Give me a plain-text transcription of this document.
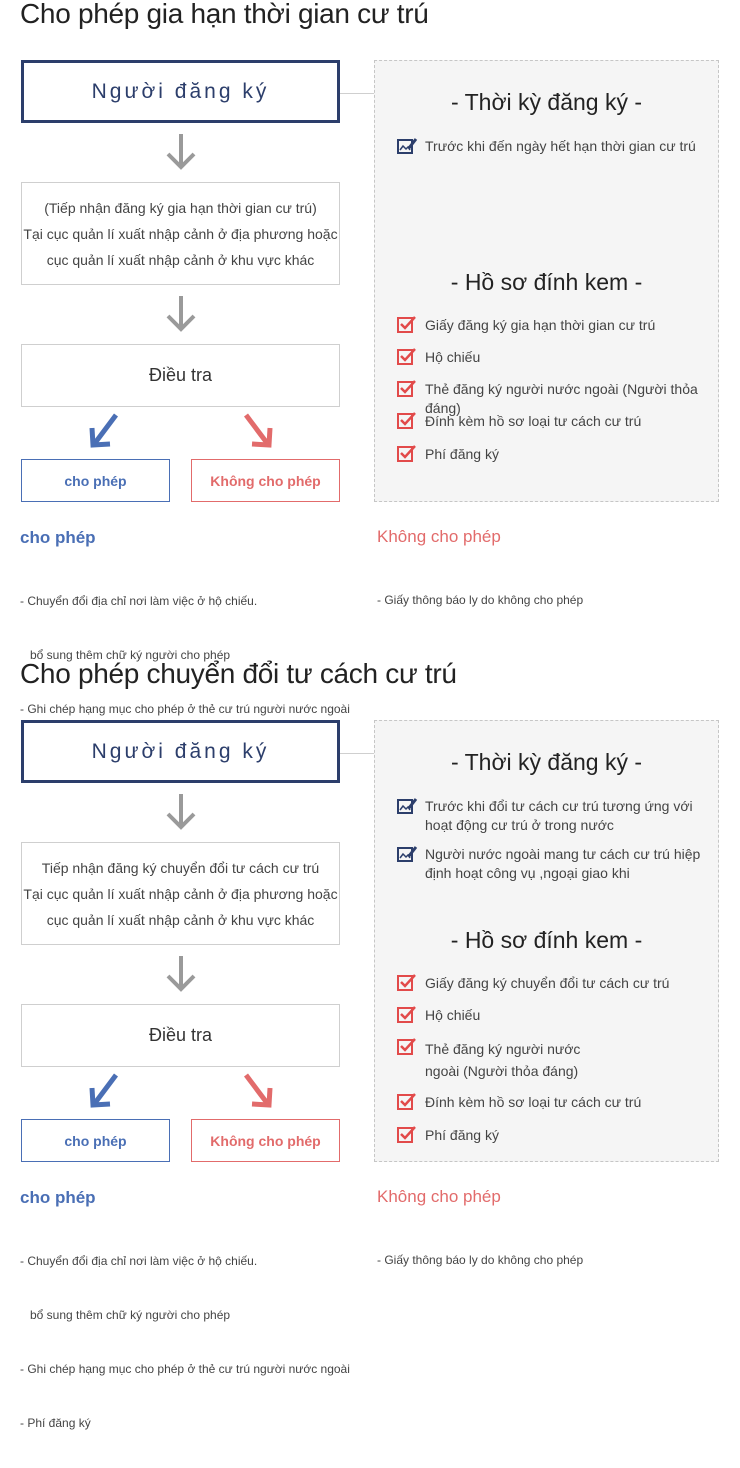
Cho phép gia hạn thời gian cư trú
Người đăng ký
(Tiếp nhận đăng ký gia hạn thời gian cư trú)
Tại cục quản lí xuất nhập cảnh ở địa phương hoặc
cục quản lí xuất nhập cảnh ở khu vực khác
Điều tra
cho phép	Không cho phép
- Thời kỳ đăng ký -
Trước khi đến ngày hết hạn thời gian cư trú
- Hồ sơ đính kem -
Giấy đăng ký gia hạn thời gian cư trú
Hộ chiếu
Thẻ đăng ký người nước ngoài (Người thỏa đáng)
Đính kèm hồ sơ loại tư cách cư trú
Phí đăng ký
cho phép

- Chuyển đổi địa chỉ nơi làm việc ở hộ chiếu.

bổ sung thêm chữ ký người cho phép

- Ghi chép hạng mục cho phép ở thẻ cư trú người nước ngoài

Không cho phép

- Giấy thông báo ly do không cho phép

Cho phép chuyển đổi tư cách cư trú
Người đăng ký
Tiếp nhận đăng ký chuyển đổi tư cách cư trú
Tại cục quản lí xuất nhập cảnh ở địa phương hoặc
cục quản lí xuất nhập cảnh ở khu vực khác
Điều tra
cho phép	Không cho phép
- Thời kỳ đăng ký -
Trước khi đổi tư cách cư trú tương ứng với hoạt động cư trú ở trong nước
Người nước ngoài mang tư cách cư trú hiệp định hoạt công vụ ,ngoại giao khi
- Hồ sơ đính kem -
Giấy đăng ký chuyển đổi tư cách cư trú
Hộ chiếu
Thẻ đăng ký người nước ngoài (Người thỏa đáng)
Đính kèm hồ sơ loại tư cách cư trú
Phí đăng ký
cho phép

- Chuyển đổi địa chỉ nơi làm việc ở hộ chiếu.

bổ sung thêm chữ ký người cho phép

- Ghi chép hạng mục cho phép ở thẻ cư trú người nước ngoài

- Phí đăng ký

Không cho phép

- Giấy thông báo ly do không cho phép
